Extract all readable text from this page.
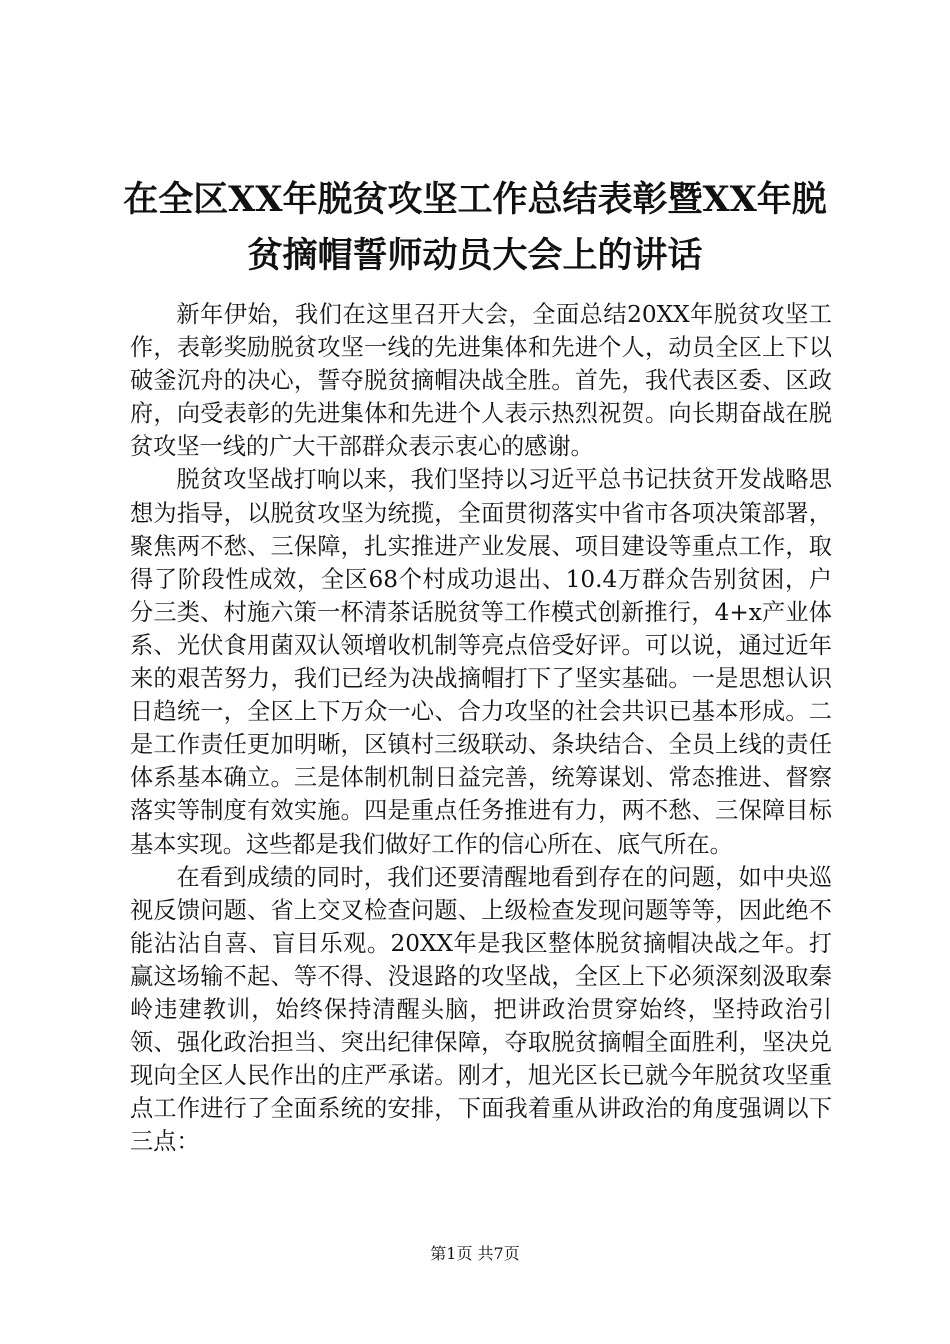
在全区XX年脱贫攻坚工作总结表彰暨XX年脱贫摘帽誓师动员大会上的讲话

新年伊始，我们在这里召开大会，全面总结20XX年脱贫攻坚工作，表彰奖励脱贫攻坚一线的先进集体和先进个人，动员全区上下以破釜沉舟的决心，誓夺脱贫摘帽决战全胜。首先，我代表区委、区政府，向受表彰的先进集体和先进个人表示热烈祝贺。向长期奋战在脱贫攻坚一线的广大干部群众表示衷心的感谢。

脱贫攻坚战打响以来，我们坚持以习近平总书记扶贫开发战略思想为指导，以脱贫攻坚为统揽，全面贯彻落实中省市各项决策部署，聚焦两不愁、三保障，扎实推进产业发展、项目建设等重点工作，取得了阶段性成效，全区68个村成功退出、10.4万群众告别贫困，户分三类、村施六策一杯清茶话脱贫等工作模式创新推行，4+x产业体系、光伏食用菌双认领增收机制等亮点倍受好评。可以说，通过近年来的艰苦努力，我们已经为决战摘帽打下了坚实基础。一是思想认识日趋统一，全区上下万众一心、合力攻坚的社会共识已基本形成。二是工作责任更加明晰，区镇村三级联动、条块结合、全员上线的责任体系基本确立。三是体制机制日益完善，统筹谋划、常态推进、督察落实等制度有效实施。四是重点任务推进有力，两不愁、三保障目标基本实现。这些都是我们做好工作的信心所在、底气所在。

在看到成绩的同时，我们还要清醒地看到存在的问题，如中央巡视反馈问题、省上交叉检查问题、上级检查发现问题等等，因此绝不能沾沾自喜、盲目乐观。20XX年是我区整体脱贫摘帽决战之年。打赢这场输不起、等不得、没退路的攻坚战，全区上下必须深刻汲取秦岭违建教训，始终保持清醒头脑，把讲政治贯穿始终，坚持政治引领、强化政治担当、突出纪律保障，夺取脱贫摘帽全面胜利，坚决兑现向全区人民作出的庄严承诺。刚才，旭光区长已就今年脱贫攻坚重点工作进行了全面系统的安排，下面我着重从讲政治的角度强调以下三点：

第1页 共7页
